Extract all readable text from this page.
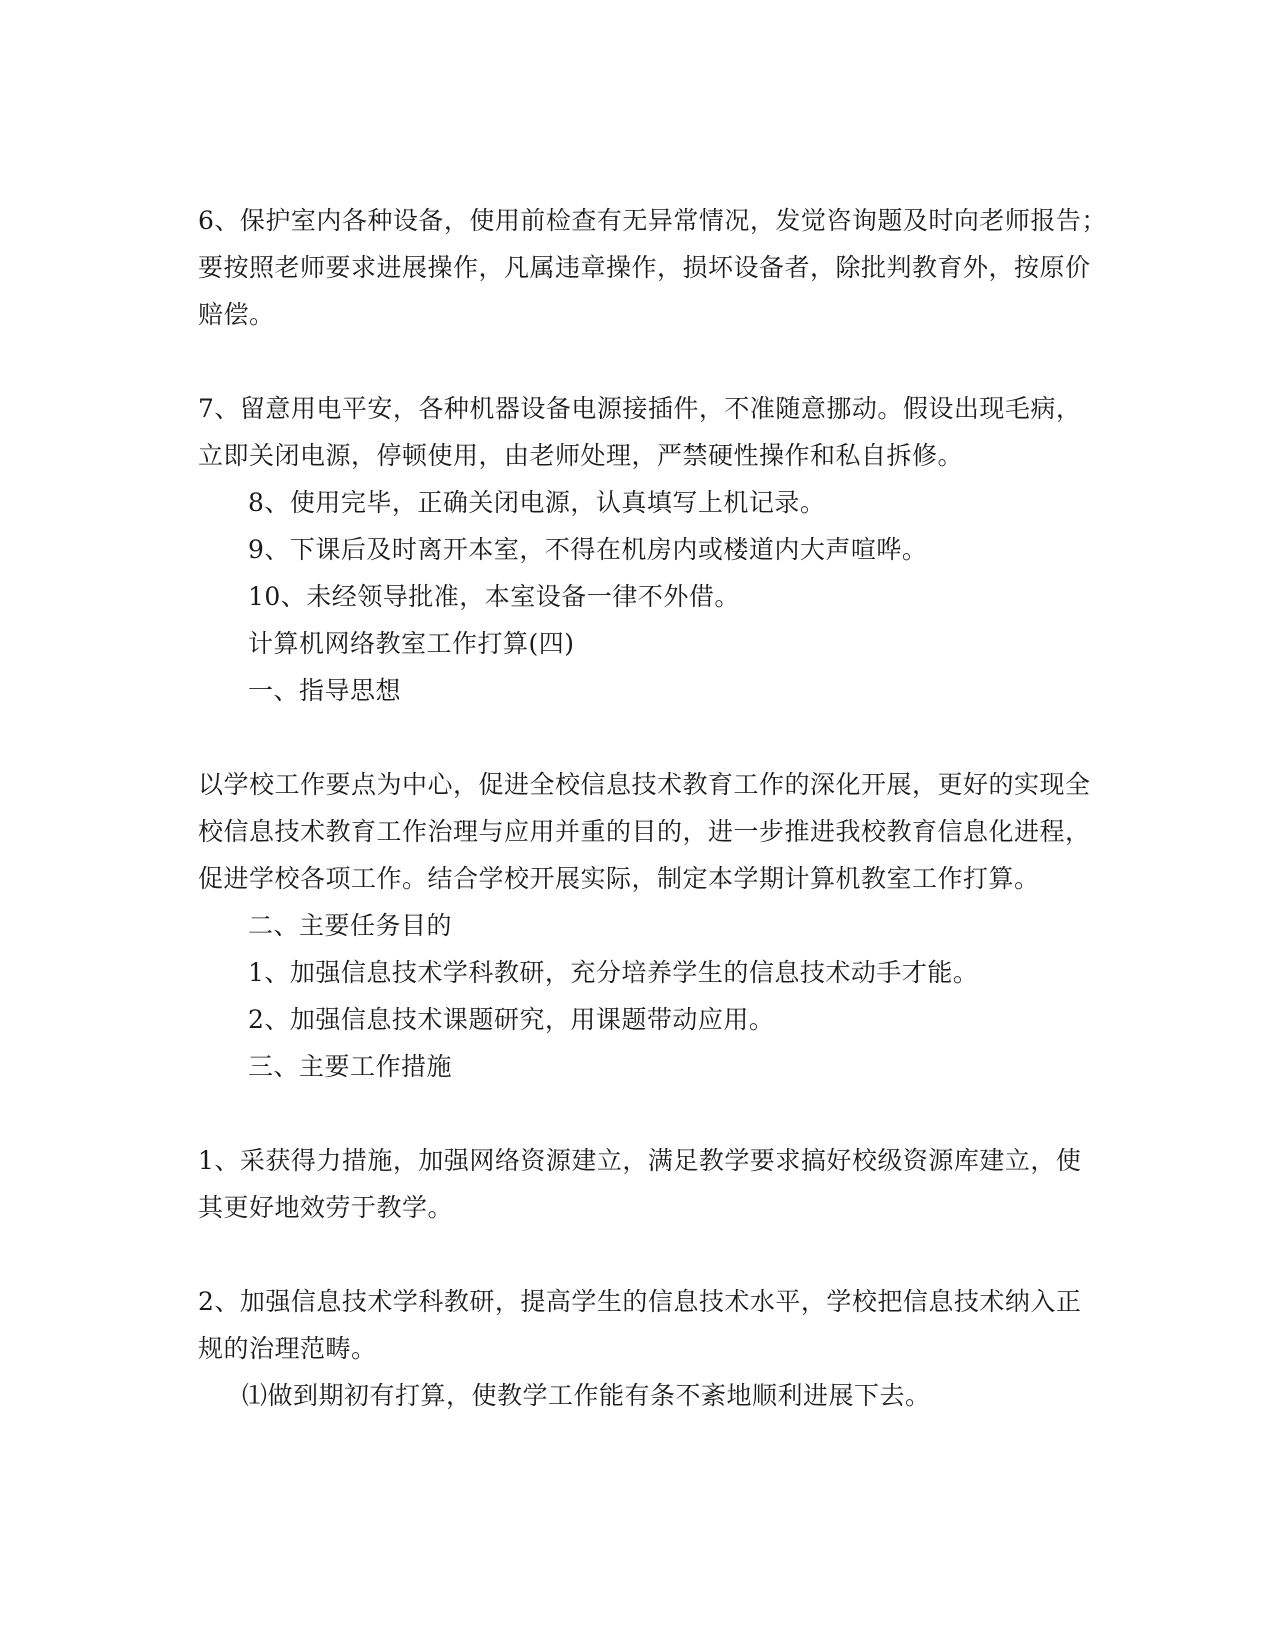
6、保护室内各种设备，使用前检查有无异常情况，发觉咨询题及时向老师报告；
要按照老师要求进展操作，凡属违章操作，损坏设备者，除批判教育外，按原价
赔偿。
7、留意用电平安，各种机器设备电源接插件，不准随意挪动。假设出现毛病，
立即关闭电源，停顿使用，由老师处理，严禁硬性操作和私自拆修。
8、使用完毕，正确关闭电源，认真填写上机记录。
9、下课后及时离开本室，不得在机房内或楼道内大声喧哗。
10、未经领导批准，本室设备一律不外借。
计算机网络教室工作打算(四)
一、指导思想
以学校工作要点为中心，促进全校信息技术教育工作的深化开展，更好的实现全
校信息技术教育工作治理与应用并重的目的，进一步推进我校教育信息化进程，
促进学校各项工作。结合学校开展实际，制定本学期计算机教室工作打算。
二、主要任务目的
1、加强信息技术学科教研，充分培养学生的信息技术动手才能。
2、加强信息技术课题研究，用课题带动应用。
三、主要工作措施
1、采获得力措施，加强网络资源建立，满足教学要求搞好校级资源库建立，使
其更好地效劳于教学。
2、加强信息技术学科教研，提高学生的信息技术水平，学校把信息技术纳入正
规的治理范畴。
⑴做到期初有打算，使教学工作能有条不紊地顺利进展下去。
